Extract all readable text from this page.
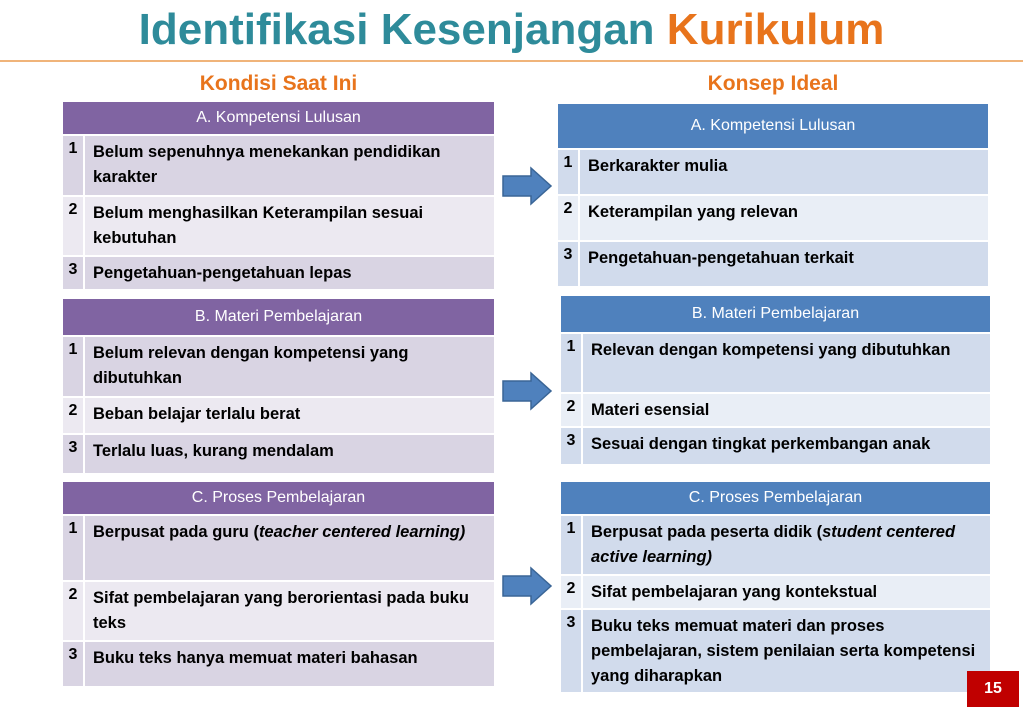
Identifikasi Kesenjangan Kurikulum
Kondisi Saat Ini	Konsep Ideal
A. Kompetensi Lulusan
1 Belum sepenuhnya menekankan pendidikan karakter
2 Belum menghasilkan Keterampilan sesuai kebutuhan
3 Pengetahuan-pengetahuan lepas
B. Materi Pembelajaran
1 Belum relevan dengan kompetensi yang dibutuhkan
2 Beban belajar terlalu berat
3 Terlalu luas, kurang mendalam
C. Proses Pembelajaran
1 Berpusat pada guru (teacher centered learning)
2 Sifat pembelajaran yang berorientasi pada buku teks
3 Buku teks hanya memuat materi bahasan
A. Kompetensi Lulusan
1 Berkarakter mulia
2 Keterampilan yang relevan
3 Pengetahuan-pengetahuan terkait
B. Materi Pembelajaran
1 Relevan dengan kompetensi yang dibutuhkan
2 Materi esensial
3 Sesuai dengan tingkat perkembangan anak
C. Proses Pembelajaran
1 Berpusat pada peserta didik (student centered active learning)
2 Sifat pembelajaran yang kontekstual
3 Buku teks memuat materi dan proses pembelajaran, sistem penilaian serta kompetensi yang diharapkan
15
